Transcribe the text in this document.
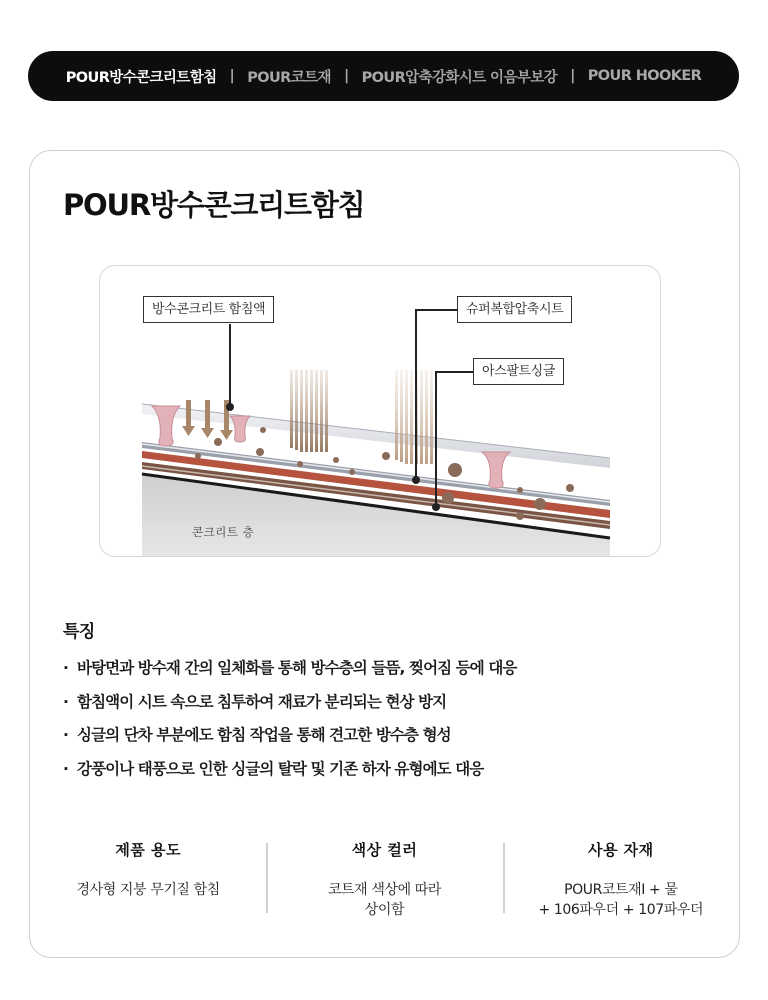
POUR방수콘크리트함침 | POUR코트재 | POUR압축강화시트 이음부보강 | POUR HOOKER
POUR방수콘크리트함침
방수콘크리트 함침액	슈퍼복합압축시트
아스팔트싱글
콘크리트 층
특징
· 바탕면과 방수재 간의 일체화를 통해 방수층의 들뜸, 찢어짐 등에 대응
· 함침액이 시트 속으로 침투하여 재료가 분리되는 현상 방지
· 싱글의 단차 부분에도 함침 작업을 통해 견고한 방수층 형성
· 강풍이나 태풍으로 인한 싱글의 탈락 및 기존 하자 유형에도 대응
제품 용도
경사형 지붕 무기질 함침
색상 컬러
코트재 색상에 따라
상이함
사용 자재
POUR코트재Ⅰ + 물
+ 106파우더 + 107파우더
